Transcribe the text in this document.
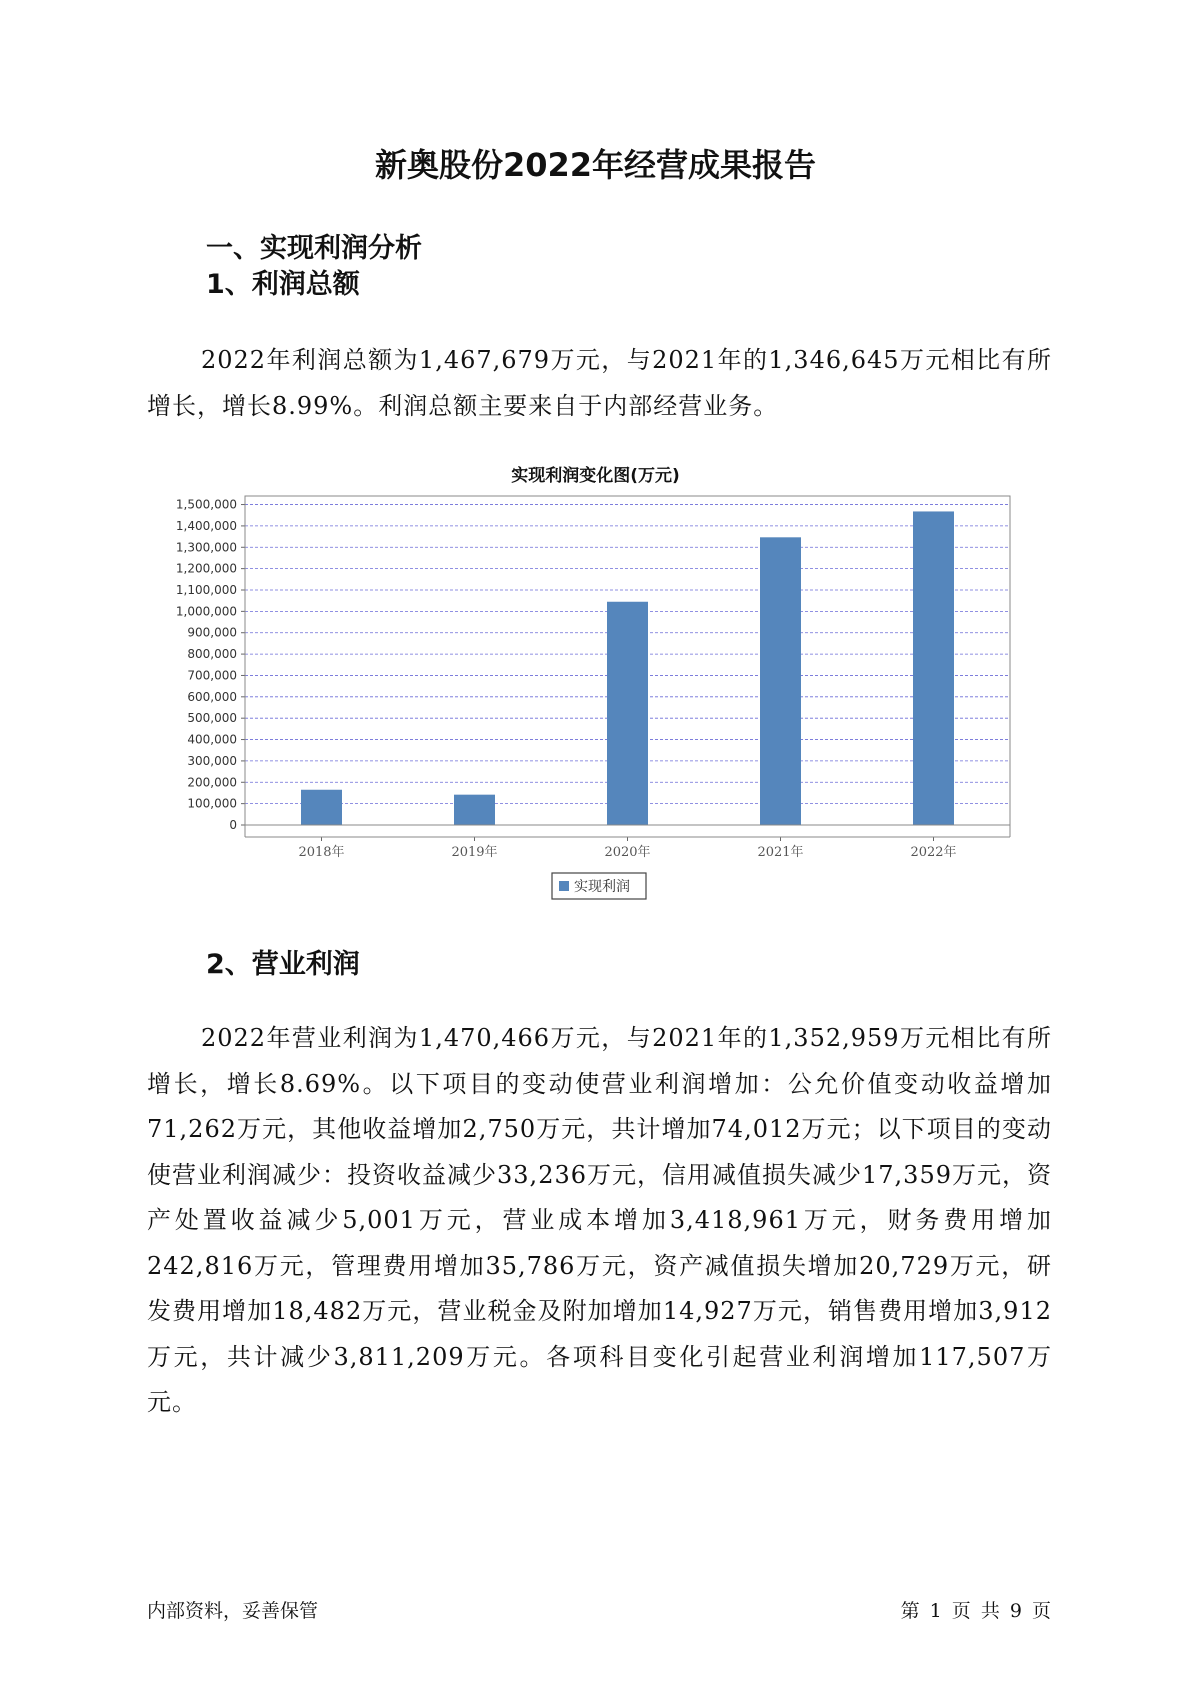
新奥股份2022年经营成果报告
一、实现利润分析
1、利润总额

2022年利润总额为1,467,679万元，与2021年的1,346,645万元相比有所增长，增长8.99%。利润总额主要来自于内部经营业务。

实现利润变化图(万元)
0
100,000
200,000
300,000
400,000
500,000
600,000
700,000
800,000
900,000
1,000,000
1,100,000
1,200,000
1,300,000
1,400,000
1,500,000
2018年	2019年	2020年	2021年	2022年
实现利润
2、营业利润

2022年营业利润为1,470,466万元，与2021年的1,352,959万元相比有所增长，增长8.69%。以下项目的变动使营业利润增加：公允价值变动收益增加71,262万元，其他收益增加2,750万元，共计增加74,012万元；以下项目的变动使营业利润减少：投资收益减少33,236万元，信用减值损失减少17,359万元，资产处置收益减少5,001万元，营业成本增加3,418,961万元，财务费用增加242,816万元，管理费用增加35,786万元，资产减值损失增加20,729万元，研发费用增加18,482万元，营业税金及附加增加14,927万元，销售费用增加3,912万元，共计减少3,811,209万元。各项科目变化引起营业利润增加117,507万元。

内部资料，妥善保管	第 1 页 共 9 页
